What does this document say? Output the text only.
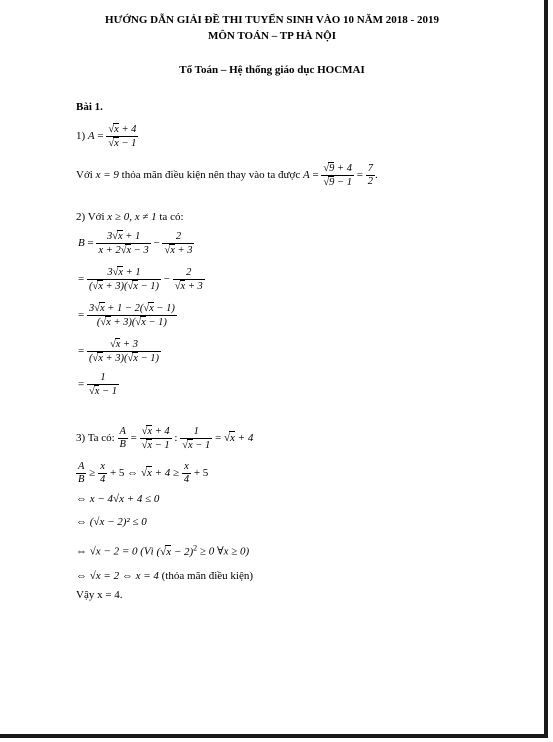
HƯỚNG DẪN GIẢI ĐỀ THI TUYỂN SINH VÀO 10 NĂM 2018 - 2019
MÔN TOÁN – TP HÀ NỘI
Tổ Toán – Hệ thống giáo dục HOCMAI
Bài 1.
1) $A = \frac{√x + 4}{√x - 1}$
Với x = 9 thỏa mãn điều kiện nên thay vào ta được $A = \frac{√9 + 4}{√9 - 1} = \frac{7}{2}$ .
2) Với x ≥ 0, x ≠ 1 ta có:
$B = \frac{3√x + 1}{x + 2√x - 3} - \frac{2}{√x + 3}$
= $\frac{3√x + 1}{(√x + 3)(√x - 1)} - \frac{2}{√x + 3}$
= $\frac{3√x + 1 - 2(√x - 1)}{(√x + 3)(√x - 1)}$
= $\frac{√x + 3}{(√x + 3)(√x - 1)}$
= $\frac{1}{√x - 1}$
3) Ta có: $\frac{A}{B} = \frac{√x + 4}{√x - 1}$ : $\frac{1}{√x - 1} = √x + 4$
$\frac{A}{B} \ge \frac{x}{4} + 5$ ⇔ $√x + 4 \ge \frac{x}{4} + 5$
⇔ x − 4√x + 4 ≤ 0
⇔ (√x − 2)² ≤ 0
⇔ √x − 2 = 0 (Vì $(√x - 2)^2 \ge 0$ ∀x ≥ 0)
⇔ √x = 2 ⇔ x = 4 (thỏa mãn điều kiện)
Vậy x = 4.
